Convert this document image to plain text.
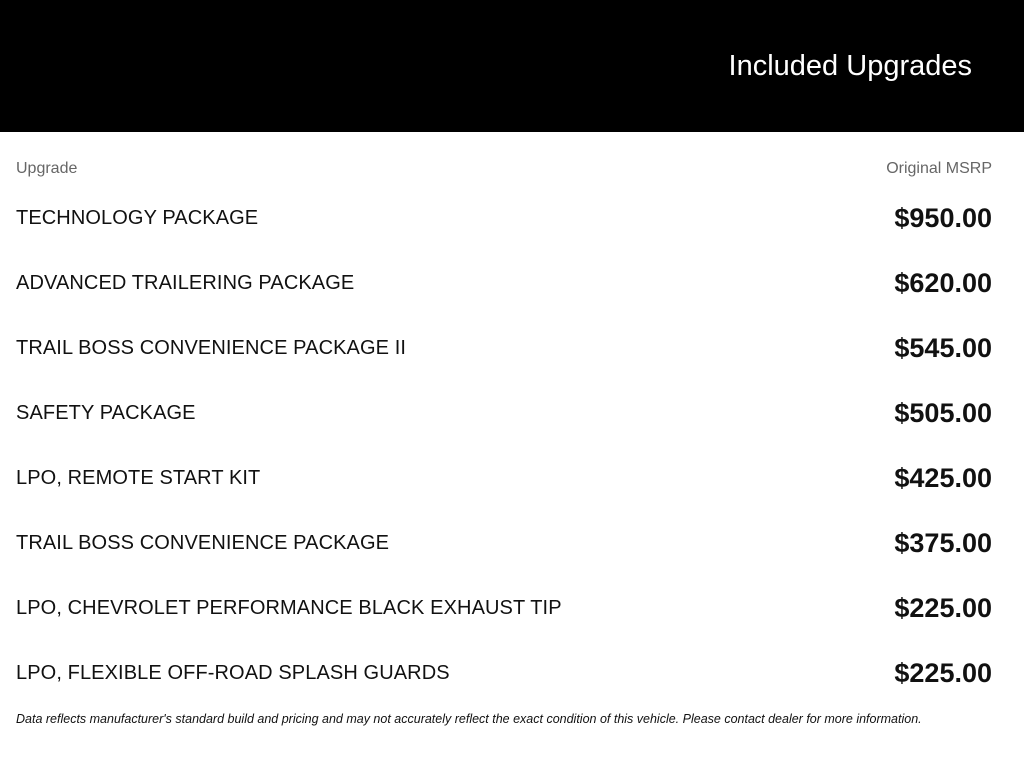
Included Upgrades
Upgrade	Original MSRP
TECHNOLOGY PACKAGE	$950.00
ADVANCED TRAILERING PACKAGE	$620.00
TRAIL BOSS CONVENIENCE PACKAGE II	$545.00
SAFETY PACKAGE	$505.00
LPO, REMOTE START KIT	$425.00
TRAIL BOSS CONVENIENCE PACKAGE	$375.00
LPO, CHEVROLET PERFORMANCE BLACK EXHAUST TIP	$225.00
LPO, FLEXIBLE OFF-ROAD SPLASH GUARDS	$225.00
Data reflects manufacturer's standard build and pricing and may not accurately reflect the exact condition of this vehicle. Please contact dealer for more information.
